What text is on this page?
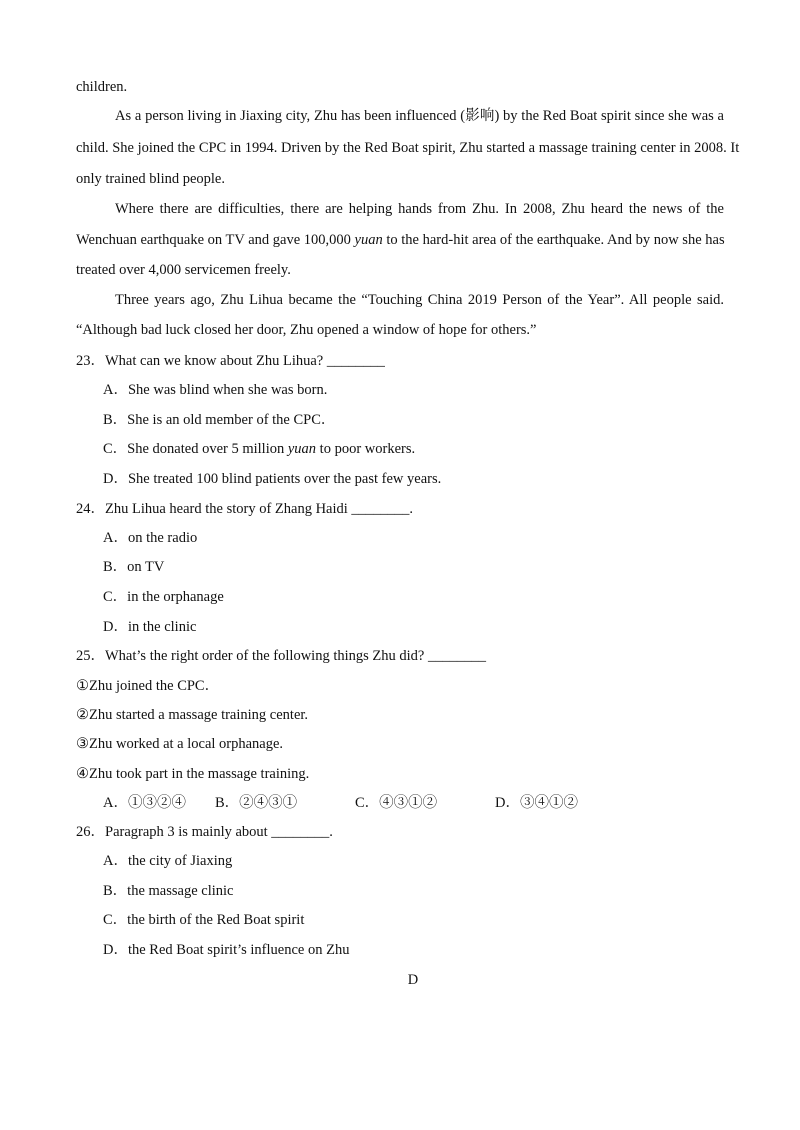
children.
As a person living in Jiaxing city, Zhu has been influenced (影响) by the Red Boat spirit since she was a
child. She joined the CPC in 1994. Driven by the Red Boat spirit, Zhu started a massage training center in 2008. It
only trained blind people.
Where there are difficulties, there are helping hands from Zhu. In 2008, Zhu heard the news of the
Wenchuan earthquake on TV and gave 100,000 yuan to the hard-hit area of the earthquake. And by now she has
treated over 4,000 servicemen freely.
Three years ago, Zhu Lihua became the “Touching China 2019 Person of the Year”. All people said.
“Although bad luck closed her door, Zhu opened a window of hope for others.”
23．What can we know about Zhu Lihua? ________
A．She was blind when she was born.
B．She is an old member of the CPC．
C．She donated over 5 million yuan to poor workers.
D．She treated 100 blind patients over the past few years.
24．Zhu Lihua heard the story of Zhang Haidi ________.
A．on the radio
B．on TV
C．in the orphanage
D．in the clinic
25．What’s the right order of the following things Zhu did? ________
①Zhu joined the CPC．
②Zhu started a massage training center.
③Zhu worked at a local orphanage.
④Zhu took part in the massage training.
A．①③②④ B．②④③①	C．④③①②	D．③④①②
26．Paragraph 3 is mainly about ________.
A．the city of Jiaxing
B．the massage clinic
C．the birth of the Red Boat spirit
D．the Red Boat spirit’s influence on Zhu
D
